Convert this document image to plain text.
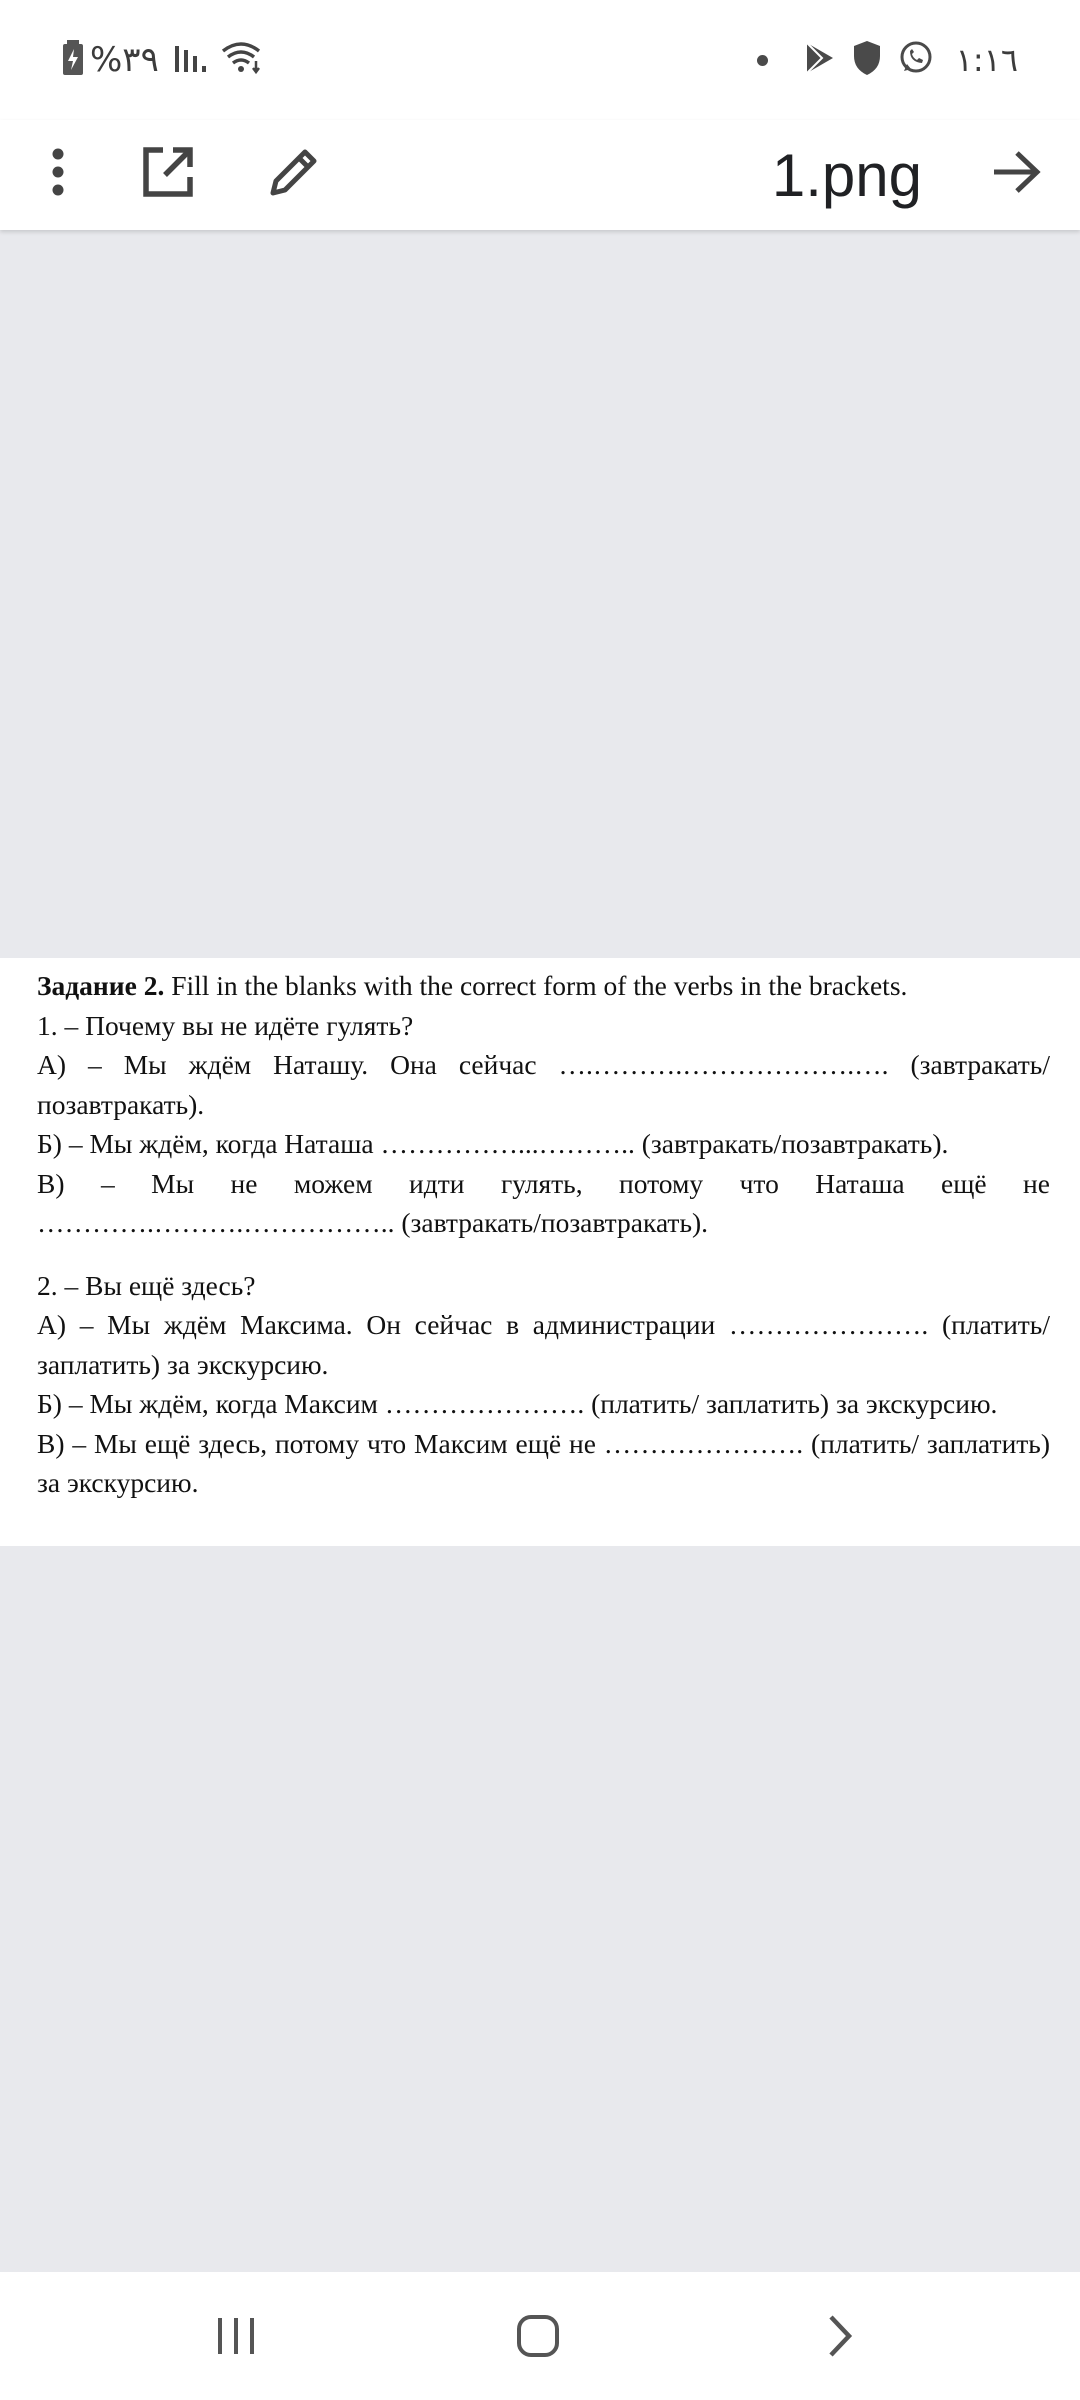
%۳۹	۱:۱٦
1.png

Задание 2. Fill in the blanks with the correct form of the verbs in the brackets.

1. – Почему вы не идёте гулять?

А) – Мы ждём Наташу. Она сейчас ….……….……………….…. (завтракать/ позавтракать).

Б) – Мы ждём, когда Наташа ……………...……….. (завтракать/позавтракать).

В) – Мы не можем идти гулять, потому что Наташа ещё не ………….……….…………….. (завтракать/позавтракать).

2. – Вы ещё здесь?

А) – Мы ждём Максима. Он сейчас в администрации …………………. (платить/заплатить) за экскурсию.

Б) – Мы ждём, когда Максим …………………. (платить/ заплатить) за экскурсию.

В) – Мы ещё здесь, потому что Максим ещё не …………………. (платить/ заплатить) за экскурсию.
